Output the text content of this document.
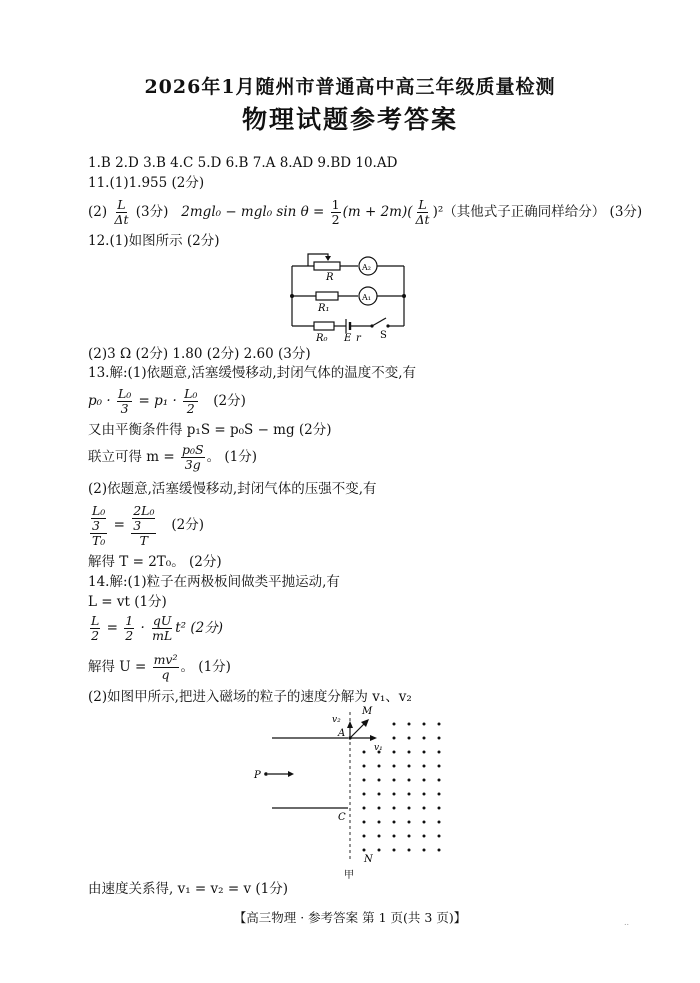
2026年1月随州市普通高中高三年级质量检测
物理试题参考答案
1.B 2.D 3.B 4.C 5.D 6.B 7.A 8.AD 9.BD 10.AD
11.(1)1.955 (2分)
$(2) \frac{L}{\Delta t} (3$分) 2mgl₀ − mgl₀ $\sin \theta = \frac{1}{2} (m + 2m)( \frac{L}{\Delta t} )^2$（其他式子正确同样给分） (3分)
12.(1)如图所示 (2分)
R
A₂
A₁
R₁
R₀ E r S
(2)3 Ω (2分) 1.80 (2分) 2.60 (3分)
13.解:(1)依题意,活塞缓慢移动,封闭气体的温度不变,有
$p_0 \cdot \frac{\text{L₀}}{3} = p_1 \cdot \frac{\text{L₀}}{2} (2$分)
又由平衡条件得 p₁S = p₀S − mg (2分)
联立可得 $m = \frac{\text{p₀S}}{3g}$ 。 (1分)
(2)依题意,活塞缓慢移动,封闭气体的压强不变,有
$\frac{\frac{\text{L₀}}{3}}{\text{T₀}} = \frac{\frac{\text{2L₀}}{3}}{T} (2$分)
解得 T = 2T₀。 (2分)
14.解:(1)粒子在两极板间做类平抛运动,有
L = vt (1分)
$\frac{L}{2} = \frac{1}{2} \cdot \frac{qU}{mL} t^2$ (2分)
解得 $U = \frac{\text{mv²}}{q}$ 。 (1分)
(2)如图甲所示,把进入磁场的粒子的速度分解为 v₁、v₂
v₂
M
A
v₁
P
C
N
甲
由速度关系得, v₁ = v₂ = v (1分)
【高三物理 · 参考答案 第 1 页(共 3 页)】	..
